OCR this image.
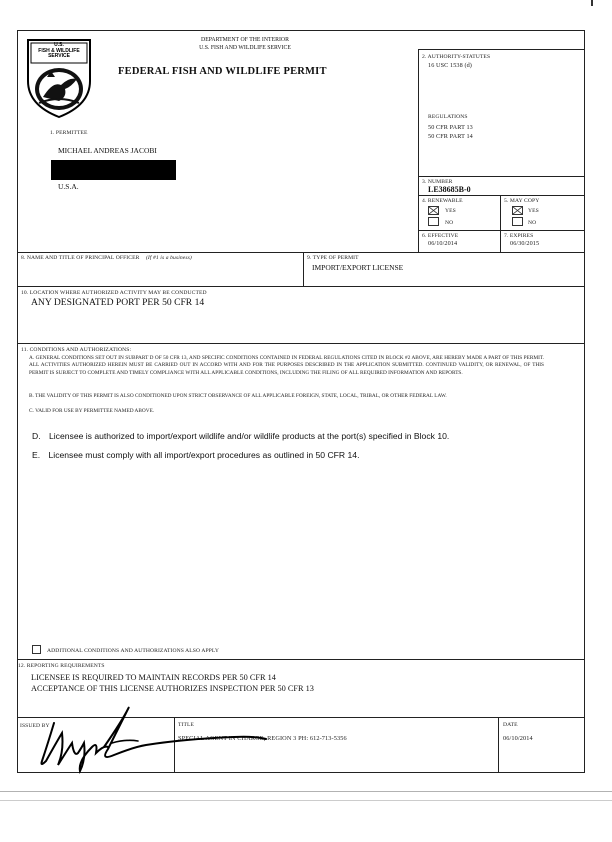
U.S.
FISH & WILDLIFE
SERVICE
DEPARTMENT OF THE INTERIOR
U.S. FISH AND WILDLIFE SERVICE
FEDERAL FISH AND WILDLIFE PERMIT
1. PERMITTEE
MICHAEL ANDREAS JACOBI
U.S.A.
2. AUTHORITY-STATUTES
16 USC 1538 (d)
REGULATIONS
50 CFR PART 13
50 CFR PART 14
3. NUMBER
LE38685B-0
4. RENEWABLE
YES
NO
5. MAY COPY
YES
NO
6. EFFECTIVE
06/10/2014
7. EXPIRES
06/30/2015
8. NAME AND TITLE OF PRINCIPAL OFFICER (If #1 is a business)	9. TYPE OF PERMIT
IMPORT/EXPORT LICENSE
10. LOCATION WHERE AUTHORIZED ACTIVITY MAY BE CONDUCTED
ANY DESIGNATED PORT PER 50 CFR 14
11. CONDITIONS AND AUTHORIZATIONS:
A. GENERAL CONDITIONS SET OUT IN SUBPART D OF 50 CFR 13, AND SPECIFIC CONDITIONS CONTAINED IN FEDERAL REGULATIONS CITED IN BLOCK #2 ABOVE, ARE HEREBY MADE A PART OF THIS PERMIT. ALL ACTIVITIES AUTHORIZED HEREIN MUST BE CARRIED OUT IN ACCORD WITH AND FOR THE PURPOSES DESCRIBED IN THE APPLICATION SUBMITTED. CONTINUED VALIDITY, OR RENEWAL, OF THIS PERMIT IS SUBJECT TO COMPLETE AND TIMELY COMPLIANCE WITH ALL APPLICABLE CONDITIONS, INCLUDING THE FILING OF ALL REQUIRED INFORMATION AND REPORTS.
B. THE VALIDITY OF THIS PERMIT IS ALSO CONDITIONED UPON STRICT OBSERVANCE OF ALL APPLICABLE FOREIGN, STATE, LOCAL, TRIBAL, OR OTHER FEDERAL LAW.
C. VALID FOR USE BY PERMITTEE NAMED ABOVE.
D. Licensee is authorized to import/export wildlife and/or wildlife products at the port(s) specified in Block 10.
E. Licensee must comply with all import/export procedures as outlined in 50 CFR 14.
ADDITIONAL CONDITIONS AND AUTHORIZATIONS ALSO APPLY
12. REPORTING REQUIREMENTS
LICENSEE IS REQUIRED TO MAINTAIN RECORDS PER 50 CFR 14
ACCEPTANCE OF THIS LICENSE AUTHORIZES INSPECTION PER 50 CFR 13
ISSUED BY	TITLE
SPECIAL AGENT IN CHARGE, REGION 3 PH: 612-713-5356
DATE
06/10/2014
